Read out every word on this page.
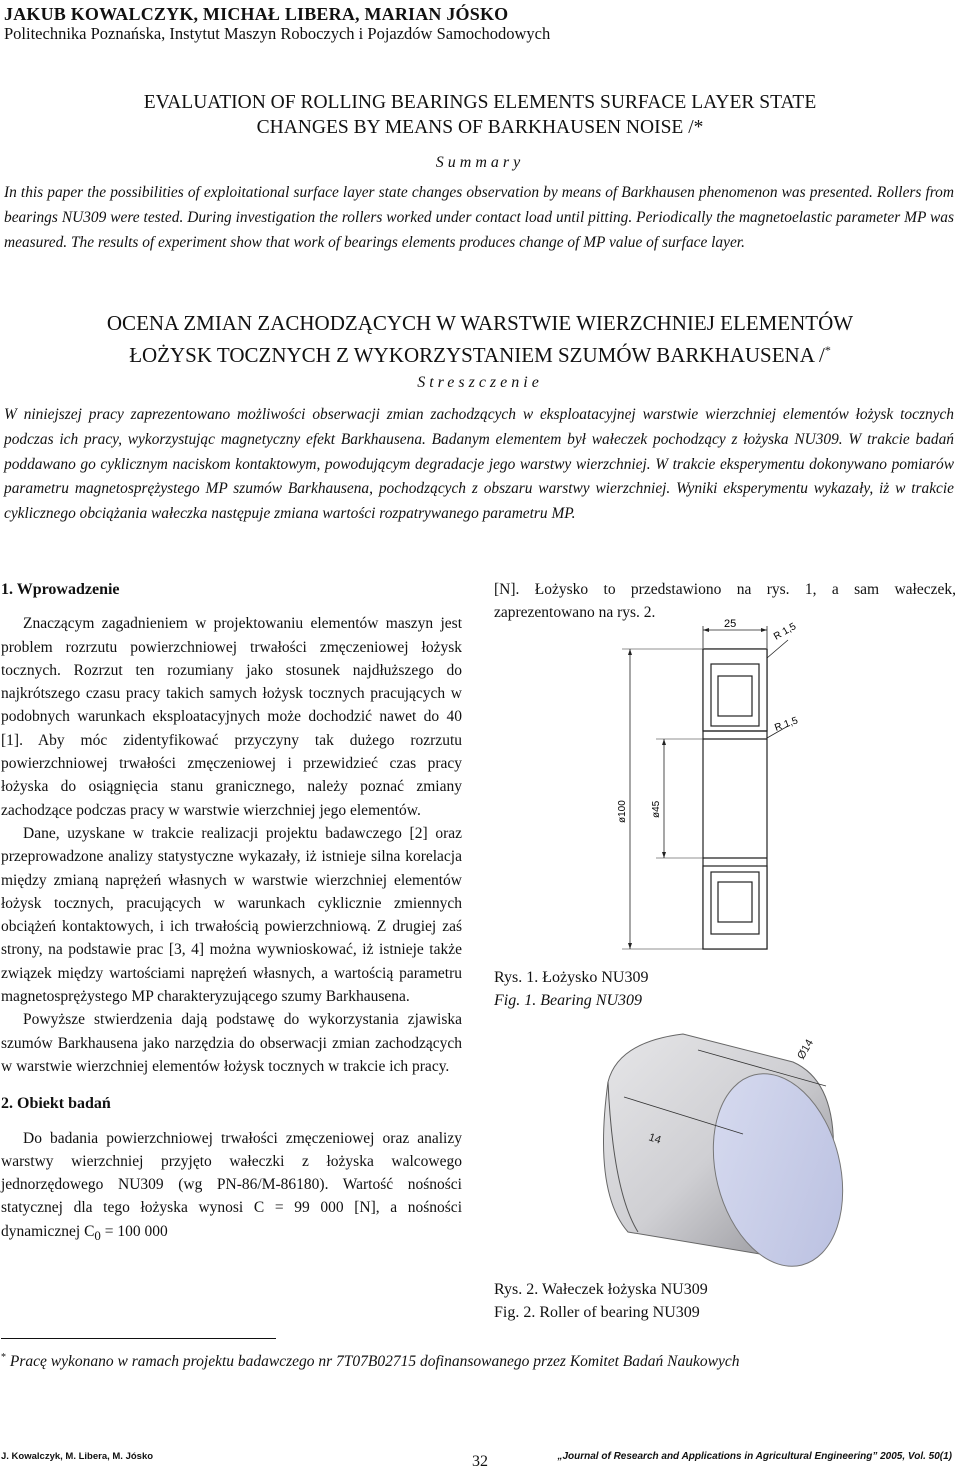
JAKUB KOWALCZYK, MICHAŁ LIBERA, MARIAN JÓSKO
Politechnika Poznańska, Instytut Maszyn Roboczych i Pojazdów Samochodowych
EVALUATION OF ROLLING BEARINGS ELEMENTS SURFACE LAYER STATE
CHANGES BY MEANS OF BARKHAUSEN NOISE /*
Summary
In this paper the possibilities of exploitational surface layer state changes observation by means of Barkhausen phenomenon was presented. Rollers from bearings NU309 were tested. During investigation the rollers worked under contact load until pitting. Periodically the magnetoelastic parameter MP was measured. The results of experiment show that work of bearings elements produces change of MP value of surface layer.
OCENA ZMIAN ZACHODZĄCYCH W WARSTWIE WIERZCHNIEJ ELEMENTÓW
ŁOŻYSK TOCZNYCH Z WYKORZYSTANIEM SZUMÓW BARKHAUSENA /*
Streszczenie
W niniejszej pracy zaprezentowano możliwości obserwacji zmian zachodzących w eksploatacyjnej warstwie wierzchniej elementów łożysk tocznych podczas ich pracy, wykorzystując magnetyczny efekt Barkhausena. Badanym elementem był wałeczek pochodzący z łożyska NU309. W trakcie badań poddawano go cyklicznym naciskom kontaktowym, powodującym degradacje jego warstwy wierzchniej. W trakcie eksperymentu dokonywano pomiarów parametru magnetosprężystego MP szumów Barkhausena, pochodzących z obszaru warstwy wierzchniej. Wyniki eksperymentu wykazały, iż w trakcie cyklicznego obciążania wałeczka następuje zmiana wartości rozpatrywanego parametru MP.

1. Wprowadzenie

Znaczącym zagadnieniem w projektowaniu elementów maszyn jest problem rozrzutu powierzchniowej trwałości zmęczeniowej łożysk tocznych. Rozrzut ten rozumiany jako stosunek najdłuższego do najkrótszego czasu pracy takich samych łożysk tocznych pracujących w podobnych warunkach eksploatacyjnych może dochodzić nawet do 40 [1]. Aby móc zidentyfikować przyczyny tak dużego rozrzutu powierzchniowej trwałości zmęczeniowej i przewidzieć czas pracy łożyska do osiągnięcia stanu granicznego, należy poznać zmiany zachodzące podczas pracy w warstwie wierzchniej jego elementów.

Dane, uzyskane w trakcie realizacji projektu badawczego [2] oraz przeprowadzone analizy statystyczne wykazały, iż istnieje silna korelacja między zmianą naprężeń własnych w warstwie wierzchniej elementów łożysk tocznych, pracujących w warunkach cyklicznie zmiennych obciążeń kontaktowych, i ich trwałością powierzchniową. Z drugiej zaś strony, na podstawie prac [3, 4] można wywnioskować, iż istnieje także związek między wartościami naprężeń własnych, a wartością parametru magnetosprężystego MP charakteryzującego szumy Barkhausena.

Powyższe stwierdzenia dają podstawę do wykorzystania zjawiska szumów Barkhausena jako narzędzia do obserwacji zmian zachodzących w warstwie wierzchniej elementów łożysk tocznych w trakcie ich pracy.

2. Obiekt badań

Do badania powierzchniowej trwałości zmęczeniowej oraz analizy warstwy wierzchniej przyjęto wałeczki z łożyska walcowego jednorzędowego NU309 (wg PN-86/M-86180). Wartość nośności statycznej dla tego łożyska wynosi C = 99 000 [N], a nośności dynamicznej $C_0 = 100$ 000

[N]. Łożysko to przedstawiono na rys. 1, a sam wałeczek, zaprezentowano na rys. 2.
25	R 1,5
R 1,5
ø100 ø45
Rys. 1. Łożysko NU309
Fig. 1. Bearing NU309
Ø14
14
Rys. 2. Wałeczek łożyska NU309
Fig. 2. Roller of bearing NU309
* Pracę wykonano w ramach projektu badawczego nr 7T07B02715 dofinansowanego przez Komitet Badań Naukowych
J. Kowalczyk, M. Libera, M. Jósko	32	„Journal of Research and Applications in Agricultural Engineering” 2005, Vol. 50(1)
